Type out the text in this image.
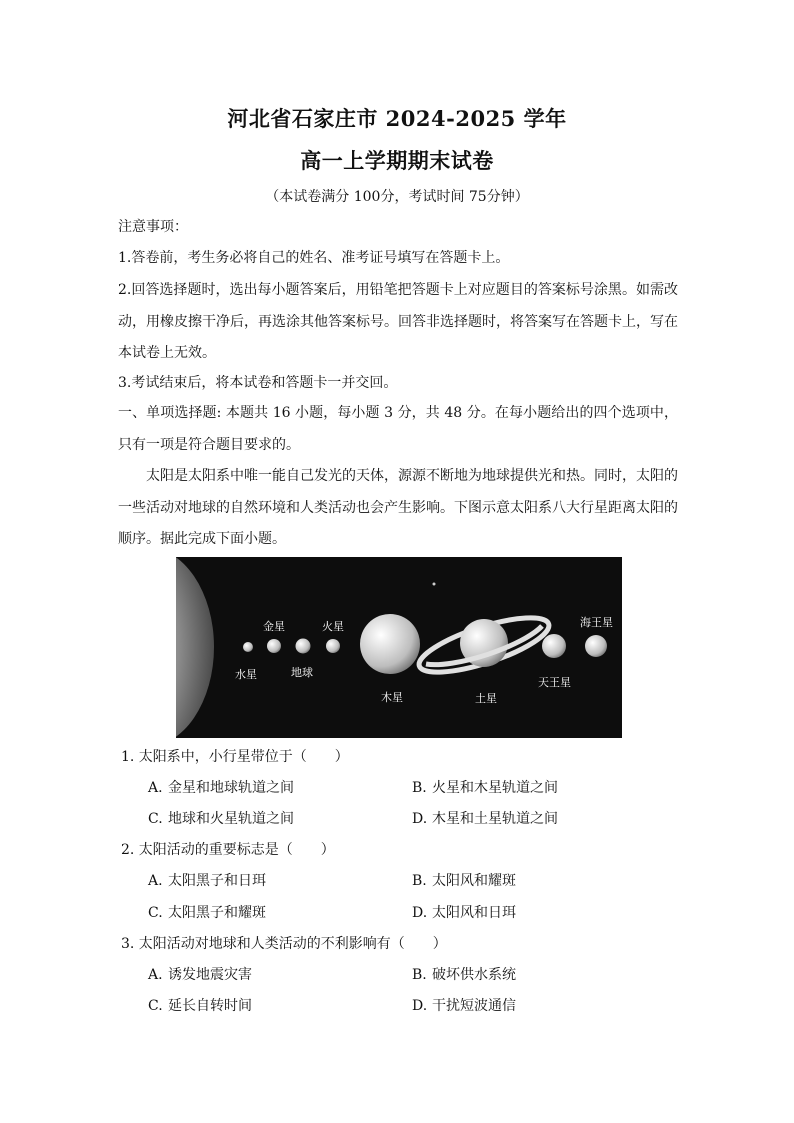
河北省石家庄市 2024-2025 学年
高一上学期期末试卷
（本试卷满分 100分，考试时间 75分钟）
注意事项：
1.答卷前，考生务必将自己的姓名、准考证号填写在答题卡上。
2.回答选择题时，选出每小题答案后，用铅笔把答题卡上对应题目的答案标号涂黑。如需改动，用橡皮擦干净后，再选涂其他答案标号。回答非选择题时，将答案写在答题卡上，写在本试卷上无效。
3.考试结束后，将本试卷和答题卡一并交回。
一、单项选择题: 本题共 16 小题，每小题 3 分，共 48 分。在每小题给出的四个选项中，只有一项是符合题目要求的。
太阳是太阳系中唯一能自己发光的天体，源源不断地为地球提供光和热。同时，太阳的一些活动对地球的自然环境和人类活动也会产生影响。下图示意太阳系八大行星距离太阳的顺序。据此完成下面小题。
水星
金星
地球
火星
木星	土星
天王星
海王星
1. 太阳系中，小行星带位于（　　）
A. 金星和地球轨道之间	B. 火星和木星轨道之间
C. 地球和火星轨道之间	D. 木星和土星轨道之间
2. 太阳活动的重要标志是（　　）
A. 太阳黑子和日珥	B. 太阳风和耀斑
C. 太阳黑子和耀斑	D. 太阳风和日珥
3. 太阳活动对地球和人类活动的不利影响有（　　）
A. 诱发地震灾害	B. 破坏供水系统
C. 延长自转时间	D. 干扰短波通信
